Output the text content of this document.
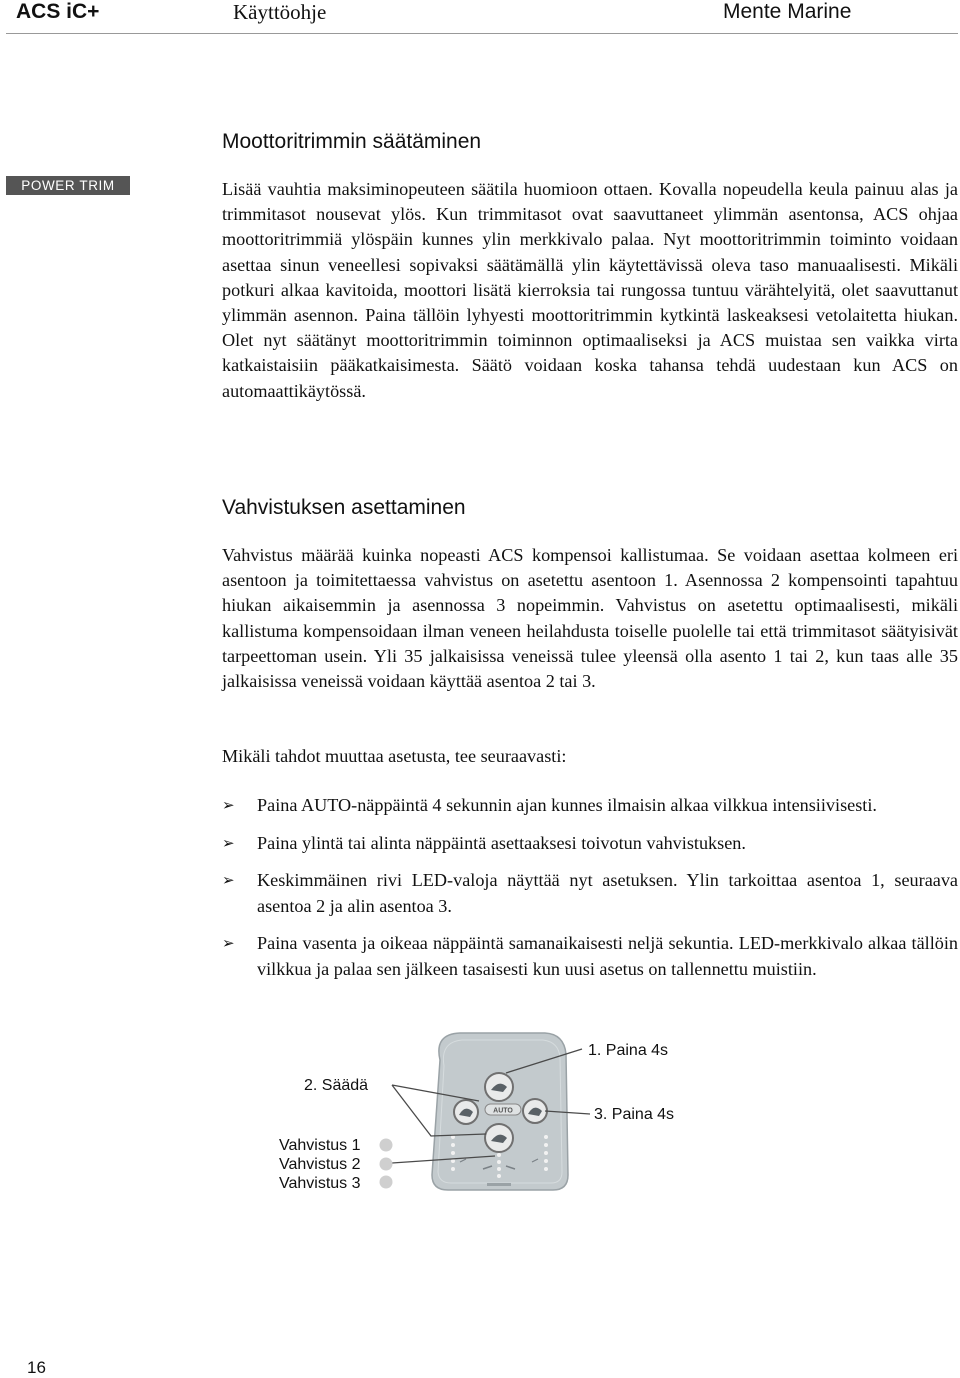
ACS iC+	Käyttöohje	Mente Marine
Moottoritrimmin säätäminen
POWER TRIM	Lisää vauhtia maksiminopeuteen säätila huomioon ottaen. Kovalla nopeudella keula painuu alas ja trimmitasot nousevat ylös. Kun trimmitasot ovat saavuttaneet ylimmän asentonsa, ACS ohjaa moottoritrimmiä ylöspäin kunnes ylin merkkivalo palaa. Nyt moottoritrimmin toiminto voidaan asettaa sinun veneellesi sopivaksi säätämällä ylin käytettävissä oleva taso manuaalisesti. Mikäli potkuri alkaa kavitoida, moottori lisätä kierroksia tai rungossa tuntuu värähtelyitä, olet saavuttanut ylimmän asennon. Paina tällöin lyhyesti moottoritrimmin kytkintä laskeaksesi vetolaitetta hiukan. Olet nyt säätänyt moottoritrimmin toiminnon optimaaliseksi ja ACS muistaa sen vaikka virta katkaistaisiin pääkatkaisimesta. Säätö voidaan koska tahansa tehdä uudestaan kun ACS on automaattikäytössä.

Vahvistuksen asettaminen

Vahvistus määrää kuinka nopeasti ACS kompensoi kallistumaa. Se voidaan asettaa kolmeen eri asentoon ja toimitettaessa vahvistus on asetettu asentoon 1. Asennossa 2 kompensointi tapahtuu hiukan aikaisemmin ja asennossa 3 nopeimmin. Vahvistus on asetettu optimaalisesti, mikäli kallistuma kompensoidaan ilman veneen heilahdusta toiselle puolelle tai että trimmitasot säätyisivät tarpeettoman usein. Yli 35 jalkaisissa veneissä tulee yleensä olla asento 1 tai 2, kun taas alle 35 jalkaisissa veneissä voidaan käyttää asentoa 2 tai 3.

Mikäli tahdot muuttaa asetusta, tee seuraavasti:

➢ Paina AUTO-näppäintä 4 sekunnin ajan kunnes ilmaisin alkaa vilkkua intensiivisesti.
➢ Paina ylintä tai alinta näppäintä asettaaksesi toivotun vahvistuksen.
➢ Keskimmäinen rivi LED-valoja näyttää nyt asetuksen. Ylin tarkoittaa asentoa 1, seuraava asentoa 2 ja alin asentoa 3.
➢ Paina vasenta ja oikeaa näppäintä samanaikaisesti neljä sekuntia. LED-merkkivalo alkaa tällöin vilkkua ja palaa sen jälkeen tasaisesti kun uusi asetus on tallennettu muistiin.
1. Paina 4s
2. Säädä
3. Paina 4s
Vahvistus 1
Vahvistus 2
Vahvistus 3
AUTO
16
